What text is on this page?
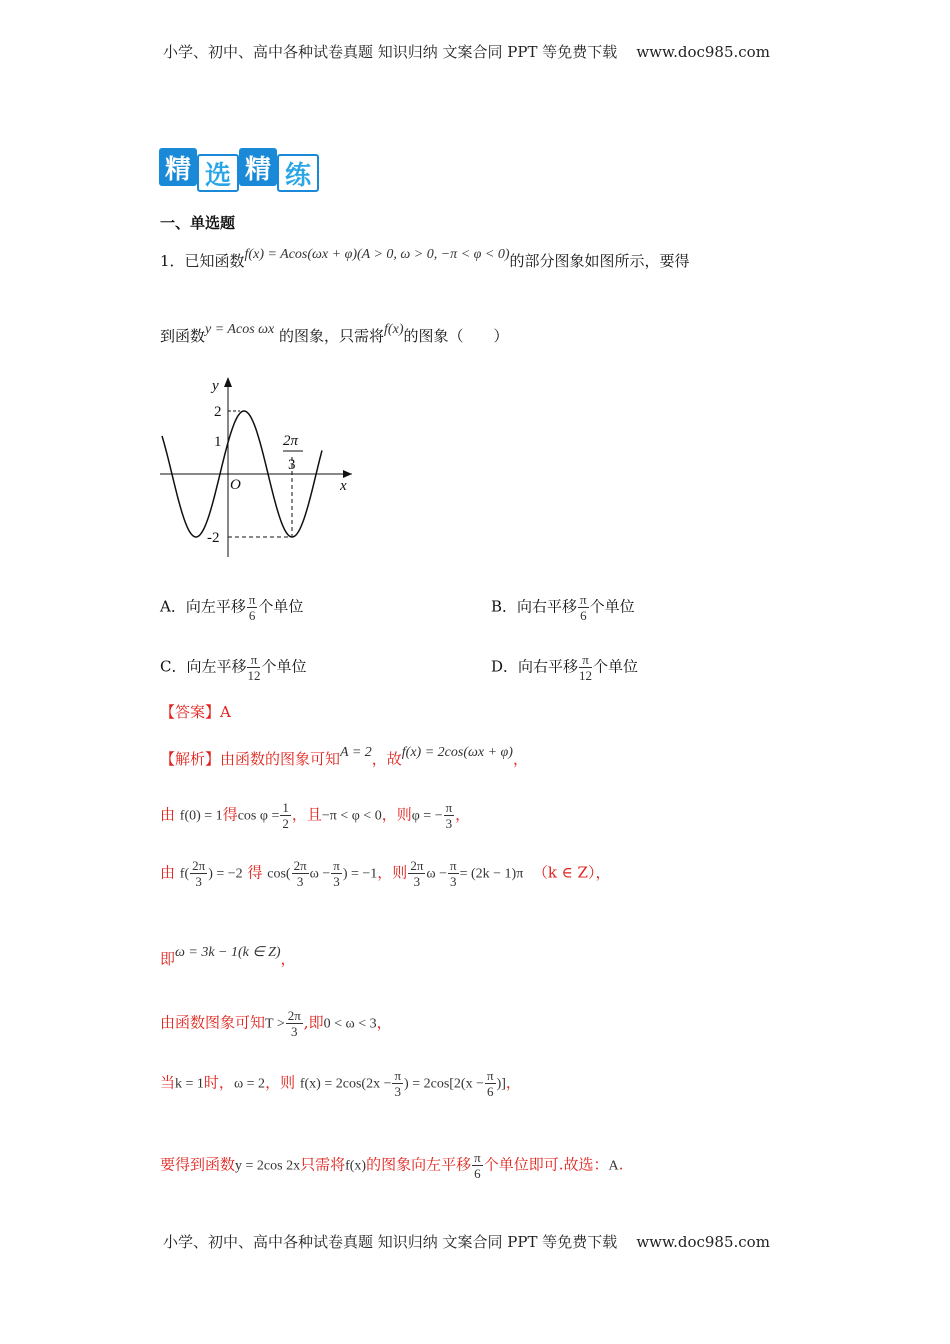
小学、初中、高中各种试卷真题 知识归纳 文案合同 PPT 等免费下载 www.doc985.com
精 选 精 练
一、单选题
1．已知函数f(x) = Acos(ωx + φ)(A > 0, ω > 0, −π < φ < 0)的部分图象如图所示，要得
到函数y = Acos ωx 的图象，只需将f(x)的图象（　　）
y
x
O
2
1
-2
2π
3
A．向左平移 $\frac{\pi}{6}$ 个单位	B．向右平移 $\frac{\pi}{6}$ 个单位
C．向左平移 $\frac{\pi}{12}$ 个单位	D．向右平移 $\frac{\pi}{12}$ 个单位
【答案】A
【解析】由函数的图象可知A = 2，故f(x) = 2cos(ωx + φ)，
由 f(0) = 1得$\cos \varphi = \frac{1}{2}$ ，且−π < φ < 0，则φ = − $\frac{\pi}{3}$ ，
由 $f( \frac{2\pi}{3}$ ) = −2 得 $\cos( \frac{2\pi}{3}$ $\omega - \frac{\pi}{3}$ ) = −1，则 $\frac{2\pi}{3}$ $\omega - \frac{\pi}{3} = (2k - 1)\pi$ （k ∈ Z），
即ω = 3k − 1(k ∈ Z)，
由函数图象可知$T > \frac{2\pi}{3}$ ,即0 < ω < 3，
当k = 1时，ω = 2，则 $f(x) = 2\cos(2x - \frac{\pi}{3}$ ) = $2\cos[2(x - \frac{\pi}{6}$ )]，
要得到函数y = 2cos 2x只需将f(x)的图象向左平移 $\frac{\pi}{6}$ 个单位即可.故选：A.
小学、初中、高中各种试卷真题 知识归纳 文案合同 PPT 等免费下载 www.doc985.com
